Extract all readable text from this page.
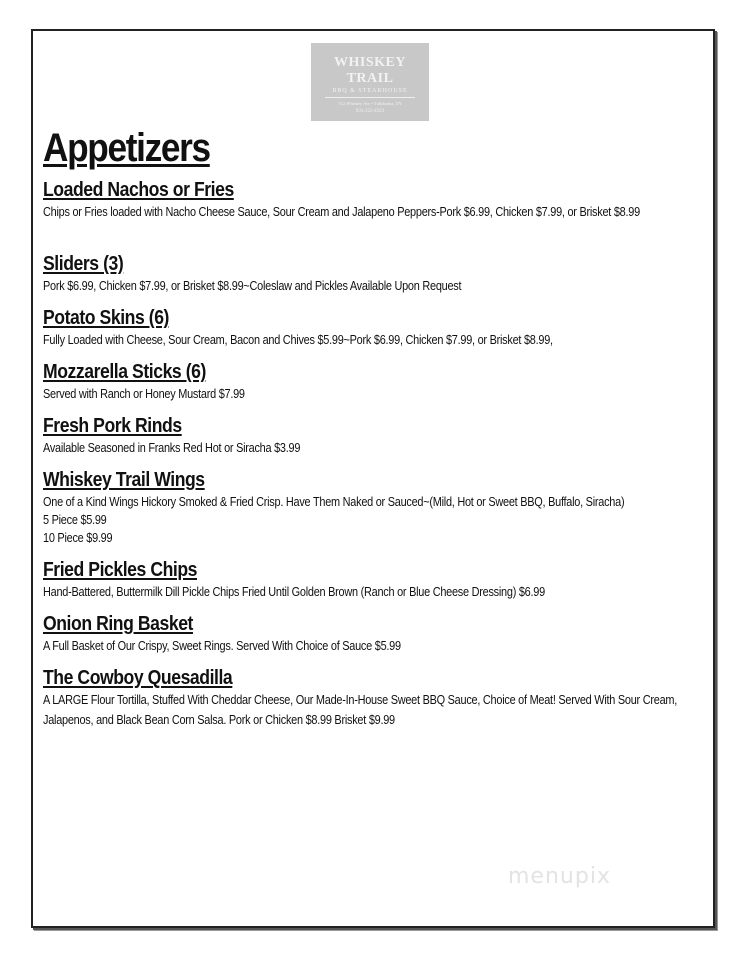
WHISKEY TRAIL
BBQ & STEAKHOUSE
512 Whiskey Ave • Tullahoma, TN
931-222-4323
Appetizers
Loaded Nachos or Fries
Chips or Fries loaded with Nacho Cheese Sauce, Sour Cream and Jalapeno Peppers-Pork $6.99, Chicken $7.99, or Brisket $8.99
Sliders (3)
Pork $6.99, Chicken $7.99, or Brisket $8.99~Coleslaw and Pickles Available Upon Request
Potato Skins (6)
Fully Loaded with Cheese, Sour Cream, Bacon and Chives $5.99~Pork $6.99, Chicken $7.99, or Brisket $8.99,
Mozzarella Sticks (6)
Served with Ranch or Honey Mustard $7.99
Fresh Pork Rinds
Available Seasoned in Franks Red Hot or Siracha $3.99
Whiskey Trail Wings
One of a Kind Wings Hickory Smoked & Fried Crisp. Have Them Naked or Sauced~(Mild, Hot or Sweet BBQ, Buffalo, Siracha)
5 Piece $5.99
10 Piece $9.99
Fried Pickles Chips
Hand-Battered, Buttermilk Dill Pickle Chips Fried Until Golden Brown (Ranch or Blue Cheese Dressing) $6.99
Onion Ring Basket
A Full Basket of Our Crispy, Sweet Rings. Served With Choice of Sauce $5.99
The Cowboy Quesadilla
A LARGE Flour Tortilla, Stuffed With Cheddar Cheese, Our Made-In-House Sweet BBQ Sauce, Choice of Meat! Served With Sour Cream, Jalapenos, and Black Bean Corn Salsa. Pork or Chicken $8.99 Brisket $9.99
menupix
